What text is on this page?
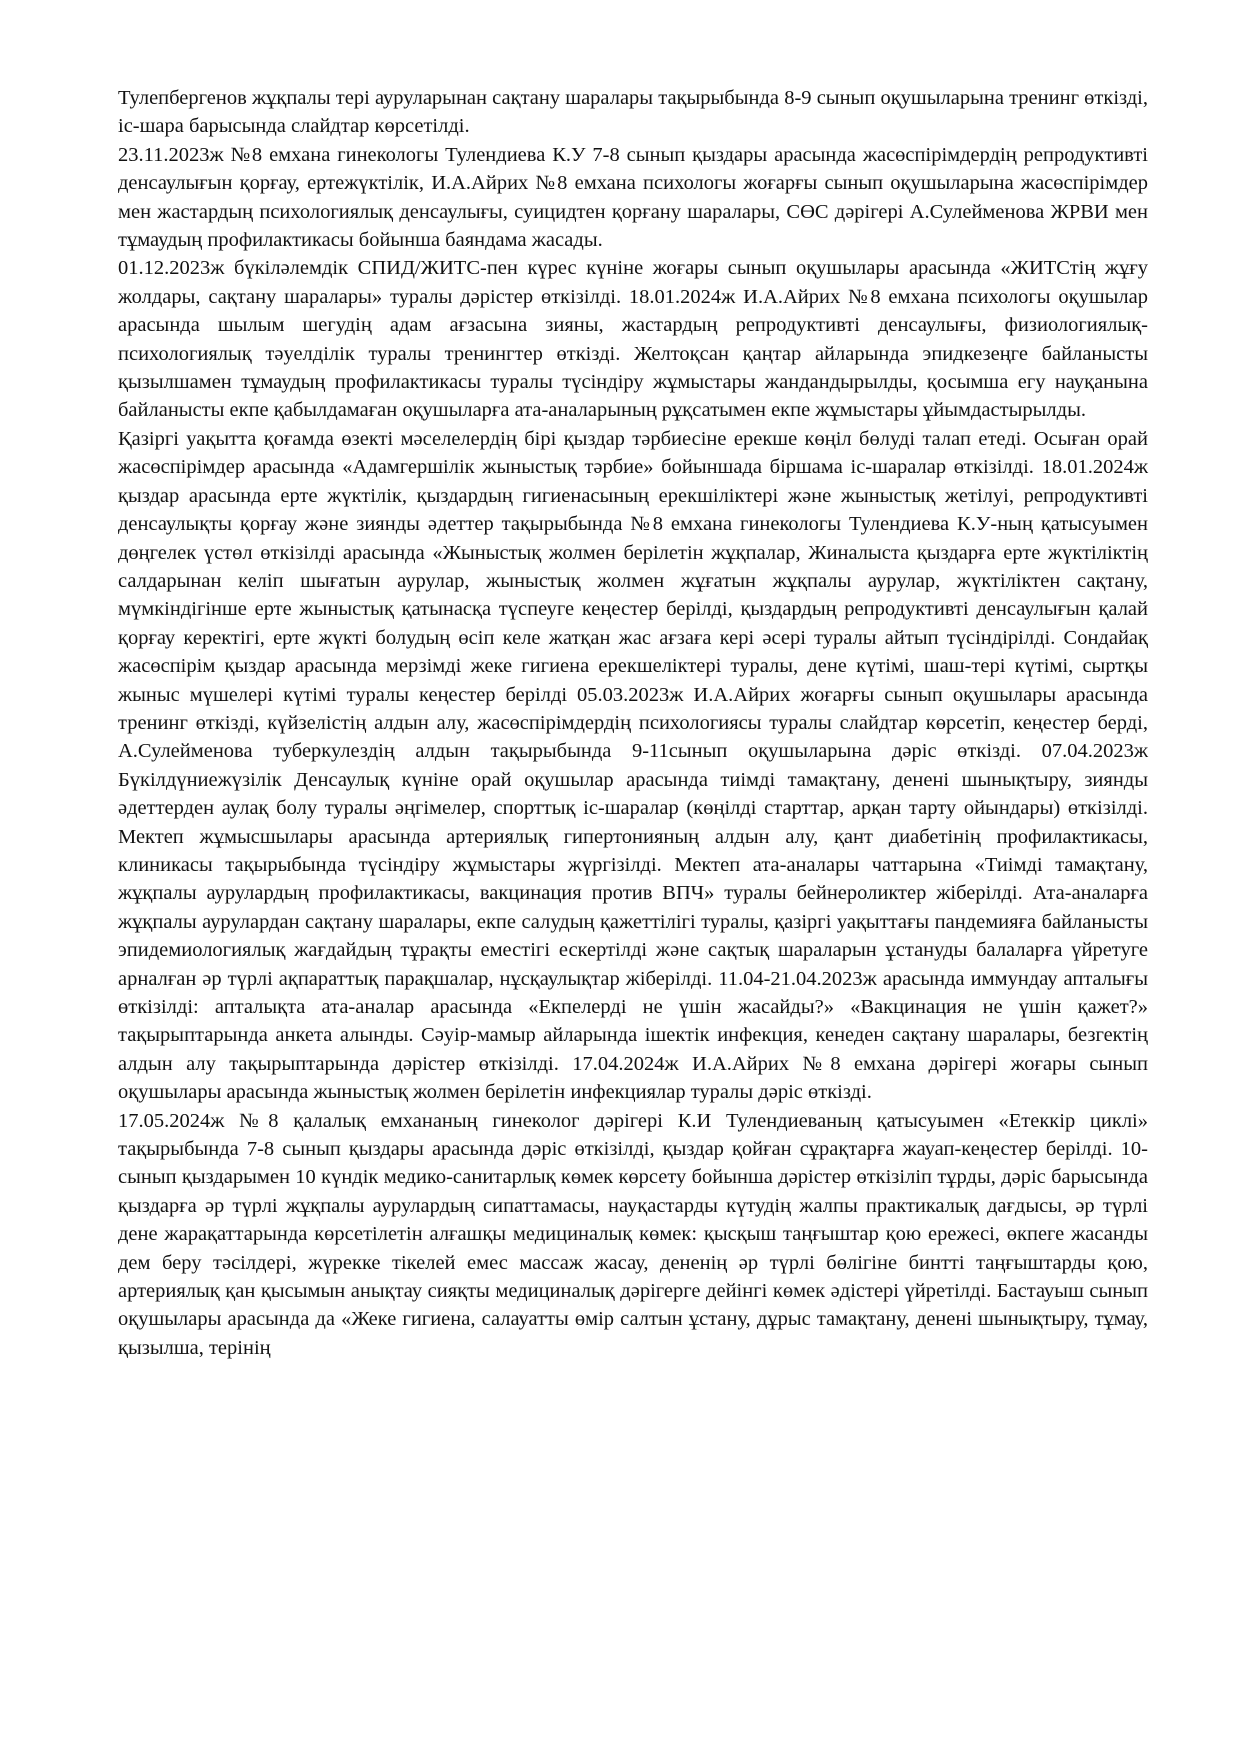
Тулепбергенов жұқпалы тері ауруларынан сақтану шаралары тақырыбында 8-9 сынып оқушыларына тренинг өткізді, іс-шара барысында слайдтар көрсетілді.

23.11.2023ж №8 емхана гинекологы Тулендиева К.У 7-8 сынып қыздары арасында жасөспірімдердің репродуктивті денсаулығын қорғау, ертежүктілік, И.А.Айрих №8 емхана психологы жоғарғы сынып оқушыларына жасөспірімдер мен жастардың психологиялық денсаулығы, суицидтен қорғану шаралары, СӨС дәрігері А.Сулейменова ЖРВИ мен тұмаудың профилактикасы бойынша баяндама жасады.

01.12.2023ж бүкіләлемдік СПИД/ЖИТС-пен күрес күніне жоғары сынып оқушылары арасында «ЖИТСтің жұғу жолдары, сақтану шаралары» туралы дәрістер өткізілді. 18.01.2024ж И.А.Айрих №8 емхана психологы оқушылар арасында шылым шегудің адам ағзасына зияны, жастардың репродуктивті денсаулығы, физиологиялық-психологиялық тәуелділік туралы тренингтер өткізді. Желтоқсан қаңтар айларында эпидкезеңге байланысты қызылшамен тұмаудың профилактикасы туралы түсіндіру жұмыстары жандандырылды, қосымша егу науқанына байланысты екпе қабылдамаған оқушыларға ата-аналарының рұқсатымен екпе жұмыстары ұйымдастырылды.

Қазіргі уақытта қоғамда өзекті мәселелердің бірі қыздар тәрбиесіне ерекше көңіл бөлуді талап етеді. Осыған орай жасөспірімдер арасында «Адамгершілік жыныстық тәрбие» бойыншада біршама іс-шаралар өткізілді. 18.01.2024ж қыздар арасында ерте жүктілік, қыздардың гигиенасының ерекшіліктері және жыныстық жетілуі, репродуктивті денсаулықты қорғау және зиянды әдеттер тақырыбында №8 емхана гинекологы Тулендиева К.У-ның қатысуымен дөңгелек үстөл өткізілді арасында «Жыныстық жолмен берілетін жұқпалар, Жиналыста қыздарға ерте жүктіліктің салдарынан келіп шығатын аурулар, жыныстық жолмен жұғатын жұқпалы аурулар, жүктіліктен сақтану, мүмкіндігінше ерте жыныстық қатынасқа түспеуге кеңестер берілді, қыздардың репродуктивті денсаулығын қалай қорғау керектігі, ерте жүкті болудың өсіп келе жатқан жас ағзаға кері әсері туралы айтып түсіндірілді. Сондайақ жасөспірім қыздар арасында мерзімді жеке гигиена ерекшеліктері туралы, дене күтімі, шаш-тері күтімі, сыртқы жыныс мүшелері күтімі туралы кеңестер берілді 05.03.2023ж И.А.Айрих жоғарғы сынып оқушылары арасында тренинг өткізді, күйзелістің алдын алу, жасөспірімдердің психологиясы туралы слайдтар көрсетіп, кеңестер берді, А.Сулейменова туберкулездің алдын тақырыбында 9-11сынып оқушыларына дәріс өткізді. 07.04.2023ж Бүкілдүниежүзілік Денсаулық күніне орай оқушылар арасында тиімді тамақтану, денені шынықтыру, зиянды әдеттерден аулақ болу туралы әңгімелер, спорттық іс-шаралар (көңілді старттар, арқан тарту ойындары) өткізілді. Мектеп жұмысшылары арасында артериялық гипертонияның алдын алу, қант диабетінің профилактикасы, клиникасы тақырыбында түсіндіру жұмыстары жүргізілді. Мектеп ата-аналары чаттарына «Тиімді тамақтану, жұқпалы аурулардың профилактикасы, вакцинация против ВПЧ» туралы бейнероликтер жіберілді. Ата-аналарға жұқпалы аурулардан сақтану шаралары, екпе салудың қажеттілігі туралы, қазіргі уақыттағы пандемияға байланысты эпидемиологиялық жағдайдың тұрақты еместігі ескертілді және сақтық шараларын ұстануды балаларға үйретуге арналған әр түрлі ақпараттық парақшалар, нұсқаулықтар жіберілді. 11.04-21.04.2023ж арасында иммундау апталығы өткізілді: апталықта ата-аналар арасында «Екпелерді не үшін жасайды?» «Вакцинация не үшін қажет?» тақырыптарында анкета алынды. Сәуір-мамыр айларында ішектік инфекция, кенеден сақтану шаралары, безгектің алдын алу тақырыптарында дәрістер өткізілді. 17.04.2024ж И.А.Айрих №8 емхана дәрігері жоғары сынып оқушылары арасында жыныстық жолмен берілетін инфекциялар туралы дәріс өткізді.

17.05.2024ж №8 қалалық емхананың гинеколог дәрігері К.И Тулендиеваның қатысуымен «Етеккір циклі» тақырыбында 7-8 сынып қыздары арасында дәріс өткізілді, қыздар қойған сұрақтарға жауап-кеңестер берілді. 10-сынып қыздарымен 10 күндік медико-санитарлық көмек көрсету бойынша дәрістер өткізіліп тұрды, дәріс барысында қыздарға әр түрлі жұқпалы аурулардың сипаттамасы, науқастарды күтудің жалпы практикалық дағдысы, әр түрлі дене жарақаттарында көрсетілетін алғашқы медициналық көмек: қысқыш таңғыштар қою ережесі, өкпеге жасанды дем беру тәсілдері, жүрекке тікелей емес массаж жасау, дененің әр түрлі бөлігіне бинтті таңғыштарды қою, артериялық қан қысымын анықтау сияқты медициналық дәрігерге дейінгі көмек әдістері үйретілді. Бастауыш сынып оқушылары арасында да «Жеке гигиена, салауатты өмір салтын ұстану, дұрыс тамақтану, денені шынықтыру, тұмау, қызылша, терінің
